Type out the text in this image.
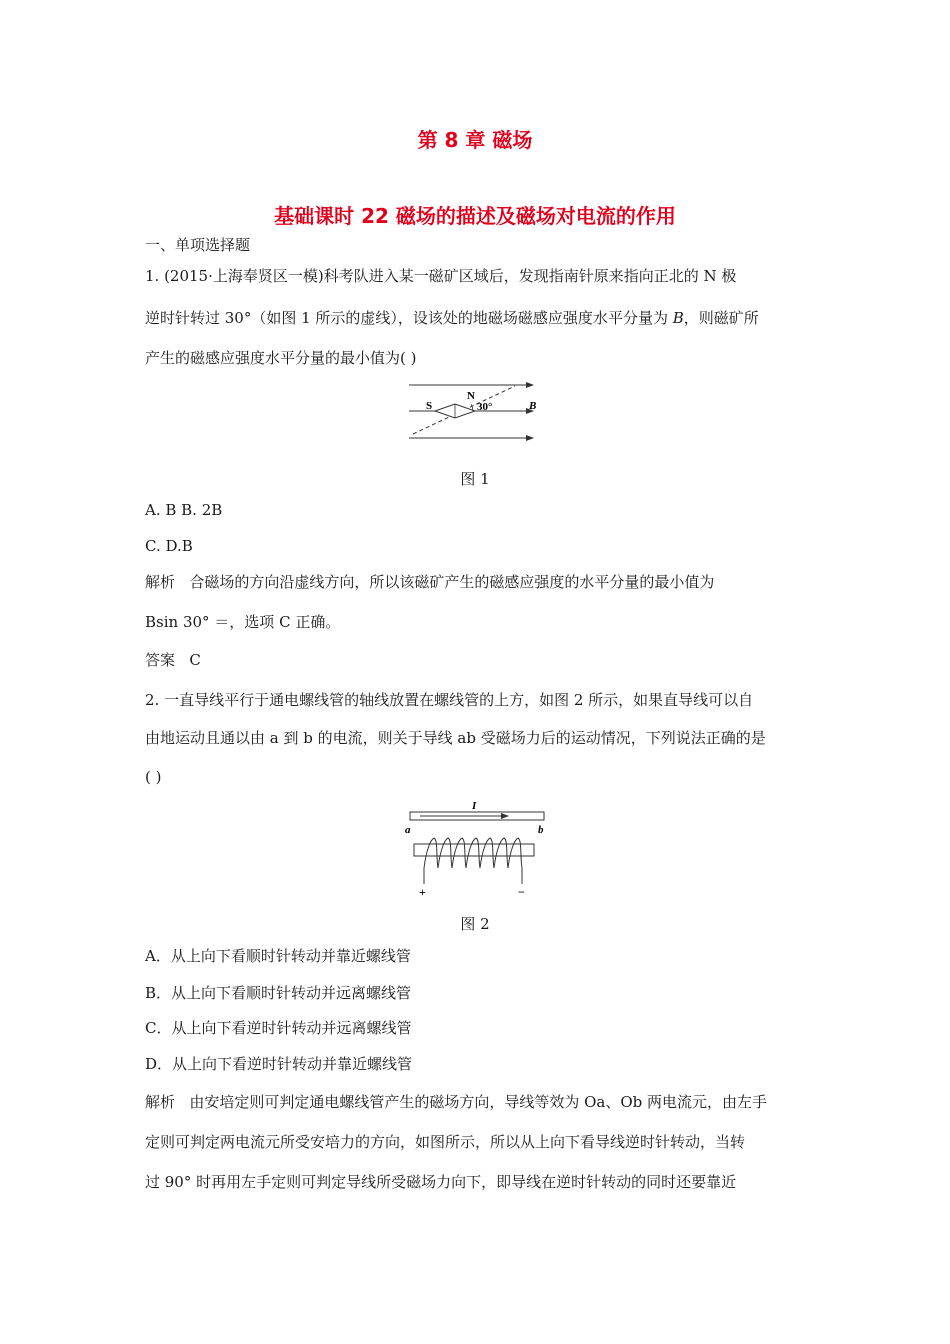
第 8 章 磁场
基础课时 22 磁场的描述及磁场对电流的作用
一、单项选择题
1. (2015·上海奉贤区一模)科考队进入某一磁矿区域后，发现指南针原来指向正北的 N 极
逆时针转过 30°（如图 1 所示的虚线），设该处的地磁场磁感应强度水平分量为 B，则磁矿所
产生的磁感应强度水平分量的最小值为( )
S
N
30°	B
图 1
A. B B. 2B
C. D.B
解析 合磁场的方向沿虚线方向，所以该磁矿产生的磁感应强度的水平分量的最小值为
Bsin 30° ＝，选项 C 正确。
答案 C
2. 一直导线平行于通电螺线管的轴线放置在螺线管的上方，如图 2 所示，如果直导线可以自
由地运动且通以由 a 到 b 的电流，则关于导线 ab 受磁场力后的运动情况，下列说法正确的是
( )
I
a	b
+	−
图 2
A．从上向下看顺时针转动并靠近螺线管
B．从上向下看顺时针转动并远离螺线管
C．从上向下看逆时针转动并远离螺线管
D．从上向下看逆时针转动并靠近螺线管
解析 由安培定则可判定通电螺线管产生的磁场方向，导线等效为 Oa、Ob 两电流元，由左手
定则可判定两电流元所受安培力的方向，如图所示，所以从上向下看导线逆时针转动，当转
过 90° 时再用左手定则可判定导线所受磁场力向下，即导线在逆时针转动的同时还要靠近
